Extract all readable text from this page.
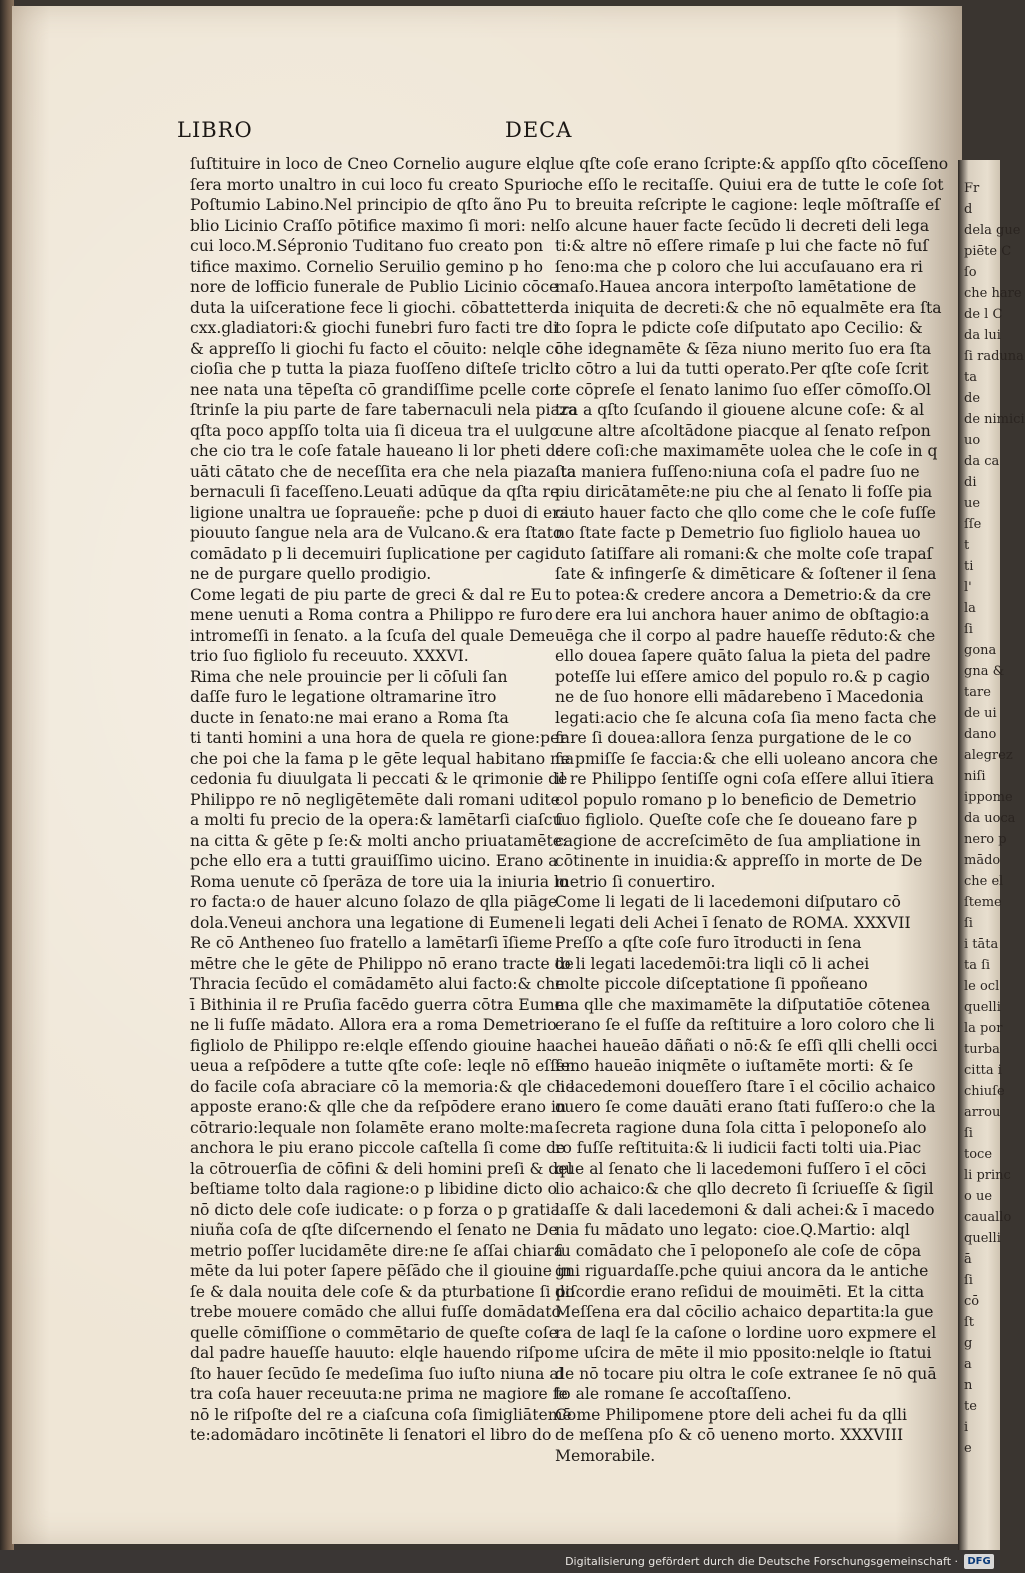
LIBRO	DECA
ſuſtituire in loco de Cneo Cornelio augure elql
ſera morto unaltro in cui loco fu creato Spurio
Poſtumio Labino.Nel principio de qſto ãno Pu
blio Licinio Craſſo pōtifice maximo ſi mori: nel
cui loco.M.Sépronio Tuditano fuo creato pon
tifice maximo. Cornelio Seruilio gemino p ho
nore de lofficio funerale de Publio Licinio cōce
duta la uiſceratione fece li giochi. cōbattettero
cxx.gladiatori:& giochi funebri furo facti tre di
& appreſſo li giochi fu facto el cōuito: nelqle cō
cioſia che p tutta la piaza fuoſſeno diſteſe tricli
nee nata una tēpeſta cō grandiſſime pcelle con
ſtrinſe la piu parte de fare tabernaculi nela piaza
qſta poco appſſo tolta uia ſi diceua tra el uulgo
che cio tra le coſe fatale haueano li lor pheti da
uāti cātato che de neceſſita era che nela piaza ta
bernaculi ſi faceſſeno.Leuati adūque da qſta re
ligione unaltra ue ſopraueñe: pche p duoi di era
piouuto ſangue nela ara de Vulcano.& era ſtato
comādato p li decemuiri ſuplicatione per cagio
ne de purgare quello prodigio.
Come legati de piu parte de greci & dal re Eu
mene uenuti a Roma contra a Philippo re furo
intromeſſi in ſenato. a la ſcuſa del quale Deme
trio ſuo figliolo fu receuuto. XXXVI.
Rima che nele prouincie per li cōſuli ſan
daſſe furo le legatione oltramarine ītro
ducte in ſenato:ne mai erano a Roma ſta
ti tanti homini a una hora de quela re gione:per
che poi che la fama p le gēte lequal habitano ma
cedonia fu diuulgata li peccati & le qrimonie de
Philippo re nō negligētemēte dali romani udite
a molti fu precio de la opera:& lamētarſi ciaſcu
na citta & gēte p ſe:& molti ancho priuatamēte:
pche ello era a tutti grauiſſimo uicino. Erano a
Roma uenute cō ſperāza de tore uia la iniuria lo
ro facta:o de hauer alcuno ſolazo de qlla piāge
dola.Veneui anchora una legatione di Eumene
Re cō Antheneo ſuo fratello a lamētarſi īſieme
mētre che le gēte de Philippo nō erano tracte de
Thracia ſecūdo el comādamēto alui facto:& che
ī Bithinia il re Pruſia facēdo guerra cōtra Eume
ne li fuſſe mādato. Allora era a roma Demetrio
figliolo de Philippo re:elqle eſſendo giouine ha
ueua a reſpōdere a tutte qſte coſe: leqle nō eſſen
do facile coſa abraciare cō la memoria:& qle che
apposte erano:& qlle che da reſpōdere erano in
cōtrario:lequale non ſolamēte erano molte:ma
anchora le piu erano piccole caſtella ſi come de
la cōtrouerſia de cōfini & deli homini preſi & del
beſtiame tolto dala ragione:o p libidine dicto o
nō dicto dele coſe iudicate: o p forza o p gratia
niuña coſa de qſte diſcernendo el ſenato ne De
metrio poſſer lucidamēte dire:ne ſe aſſai chiara
mēte da lui poter ſapere pēſādo che il giouine in
ſe & dala nouita dele coſe & da pturbatione ſi po
trebe mouere comādo che allui fuſſe domādato
quelle cōmiſſione o commētario de queſte coſe
dal padre haueſſe hauuto: elqle hauendo riſpo
ſto hauer ſecūdo ſe medeſima ſuo iuſto niuna al
tra coſa hauer receuuta:ne prima ne magiore ſe
nō le riſpoſte del re a ciaſcuna coſa ſimigliātemē
te:adomādaro incōtinēte li ſenatori el libro do
ue qſte coſe erano ſcripte:& appſſo qſto cōceſſeno
che eſſo le recitaſſe. Quiui era de tutte le coſe ſot
to breuita reſcripte le cagione: leqle mōſtraſſe eſ
ſo alcune hauer facte ſecūdo li decreti deli lega
ti:& altre nō eſſere rimaſe p lui che facte nō fuſ
ſeno:ma che p coloro che lui accuſauano era ri
maſo.Hauea ancora interpoſto lamētatione de
la iniquita de decreti:& che nō equalmēte era ſta
to ſopra le pdicte coſe diſputato apo Cecilio: &
che idegnamēte & ſēza niuno merito ſuo era ſta
to cōtro a lui da tutti operato.Per qſte coſe ſcrit
te cōpreſe el ſenato lanimo ſuo eſſer cōmoſſo.Ol
tra a qſto ſcuſando il giouene alcune coſe: & al
cune altre aſcoltādone piacque al ſenato reſpon
dere coſi:che maximamēte uolea che le coſe in q
ſta maniera fuſſeno:niuna coſa el padre ſuo ne
piu diricātamēte:ne piu che al ſenato li foſſe pia
ciuto hauer facto che qllo come che le coſe fuſſe
no ſtate facte p Demetrio ſuo figliolo hauea uo
luto ſatiſfare ali romani:& che molte coſe trapaſ
ſate & infingerſe & dimēticare & ſoſtener il ſena
to potea:& credere ancora a Demetrio:& da cre
dere era lui anchora hauer animo de obſtagio:a
uēga che il corpo al padre haueſſe rēduto:& che
ello douea ſapere quāto ſalua la pieta del padre
poteſſe lui eſſere amico del populo ro.& p cagio
ne de ſuo honore elli mādarebeno ī Macedonia
legati:acio che ſe alcuna coſa ſia meno facta che
fare ſi douea:allora ſenza purgatione de le co
ſe pmiſſe ſe faccia:& che elli uoleano ancora che
il re Philippo ſentiſſe ogni coſa eſſere allui ītiera
col populo romano p lo beneficio de Demetrio
ſuo figliolo. Queſte coſe che ſe doueano fare p
cagione de accreſcimēto de ſua ampliatione in
cōtinente in inuidia:& appreſſo in morte de De
metrio ſi conuertiro.
Come li legati de li lacedemoni diſputaro cō
li legati deli Achei ī ſenato de ROMA. XXXVII
Preſſo a qſte coſe furo ītroducti in ſena
to li legati lacedemōi:tra liqli cō li achei
molte piccole diſceptatione ſi ppoñeano
ma qlle che maximamēte la diſputatiōe cōtenea
erano ſe el fuſſe da reſtituire a loro coloro che li
achei haueāo dāñati o nō:& ſe eſſi qlli chelli occi
ſeno haueāo iniqmēte o iuſtamēte morti: & ſe
li lacedemoni doueſſero ſtare ī el cōcilio achaico
ouero ſe come dauāti erano ſtati fuſſero:o che la
ſecreta ragione duna ſola citta ī peloponeſo alo
ro fuſſe reſtituita:& li iudicii facti tolti uia.Piac
que al ſenato che li lacedemoni fuſſero ī el cōci
lio achaico:& che qllo decreto ſi ſcriueſſe & ſigil
laſſe & dali lacedemoni & dali achei:& ī macedo
nia fu mādato uno legato: cioe.Q.Martio: alql
fu comādato che ī peloponeſo ale coſe de cōpa
gni riguardaſſe.pche quiui ancora da le antiche
diſcordie erano reſidui de mouimēti. Et la citta
Meſſena era dal cōcilio achaico departita:la gue
ra de laql ſe la caſone o lordine uoro expmere el
me uſcira de mēte il mio pposito:nelqle io ſtatui
de nō tocare piu oltra le coſe extranee ſe nō quā
to ale romane ſe accoſtaſſeno.
Come Philipomene ptore deli achei fu da qlli
de meſſena pſo & cō ueneno morto. XXXVIII
Memorabile.
Fr
d
dela gue
piēte C
ſo
che hare
de l C
da lui
ſi raduna
ta
de
de nimici
uo
da ca
di
ue
ſſe
t
ti
l'
la
ſi
gona
gna &
tare
de ui
dano
alegrez
niſi
ippome
da uoca
nero p
mādo
che el
ſteme
ſi
i tāta
ta ſi
le ocl
quelli
la por
turba
citta i
chiuſe
arrou
ſi
toce
li princ
o ue
cauallo
quelli
ā
ſi
cō
ſt
g
a
n
te
i
e
Digitalisierung gefördert durch die Deutsche Forschungsgemeinschaft · DFG
